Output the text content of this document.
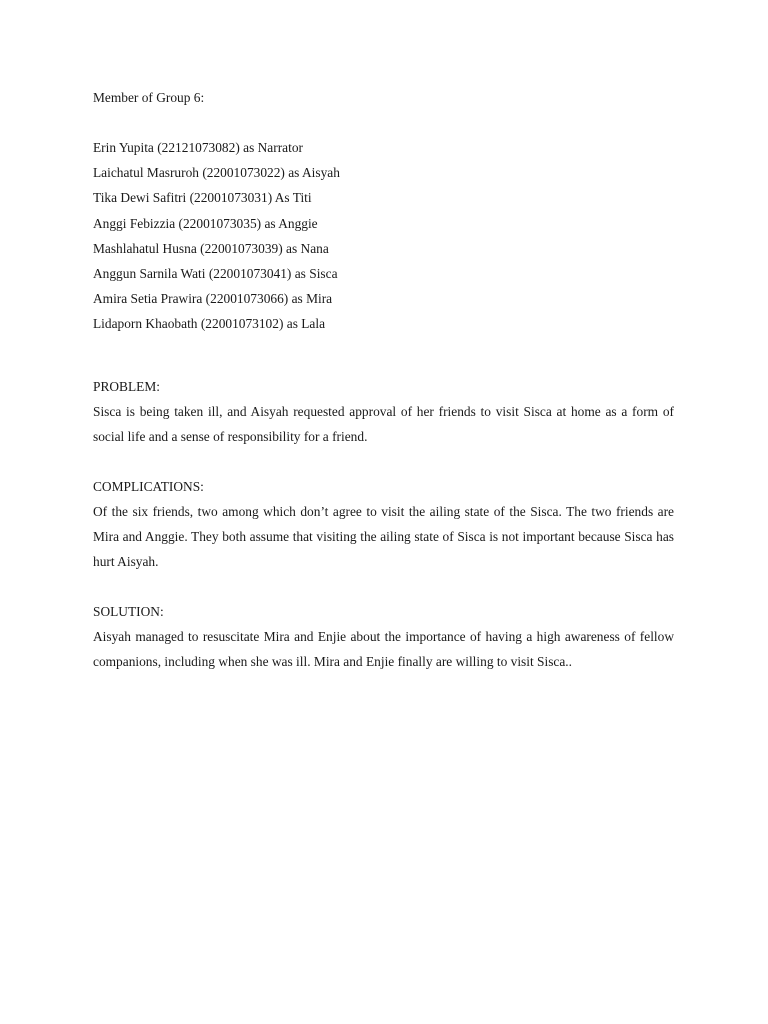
Member of Group 6:
Erin Yupita (22121073082) as Narrator
Laichatul Masruroh (22001073022) as Aisyah
Tika Dewi Safitri (22001073031) As Titi
Anggi Febizzia (22001073035) as Anggie
Mashlahatul Husna (22001073039) as Nana
Anggun Sarnila Wati (22001073041) as Sisca
Amira Setia Prawira (22001073066) as Mira
Lidaporn Khaobath (22001073102) as Lala
PROBLEM:
Sisca is being taken ill, and Aisyah requested approval of her friends to visit Sisca at home as a form of social life and a sense of responsibility for a friend.
COMPLICATIONS:
Of the six friends, two among which don’t agree to visit the ailing state of the Sisca. The two friends are Mira and Anggie. They both assume that visiting the ailing state of Sisca is not important because Sisca has hurt Aisyah.
SOLUTION:
Aisyah managed to resuscitate Mira and Enjie about the importance of having a high awareness of fellow companions, including when she was ill. Mira and Enjie finally are willing to visit Sisca..
